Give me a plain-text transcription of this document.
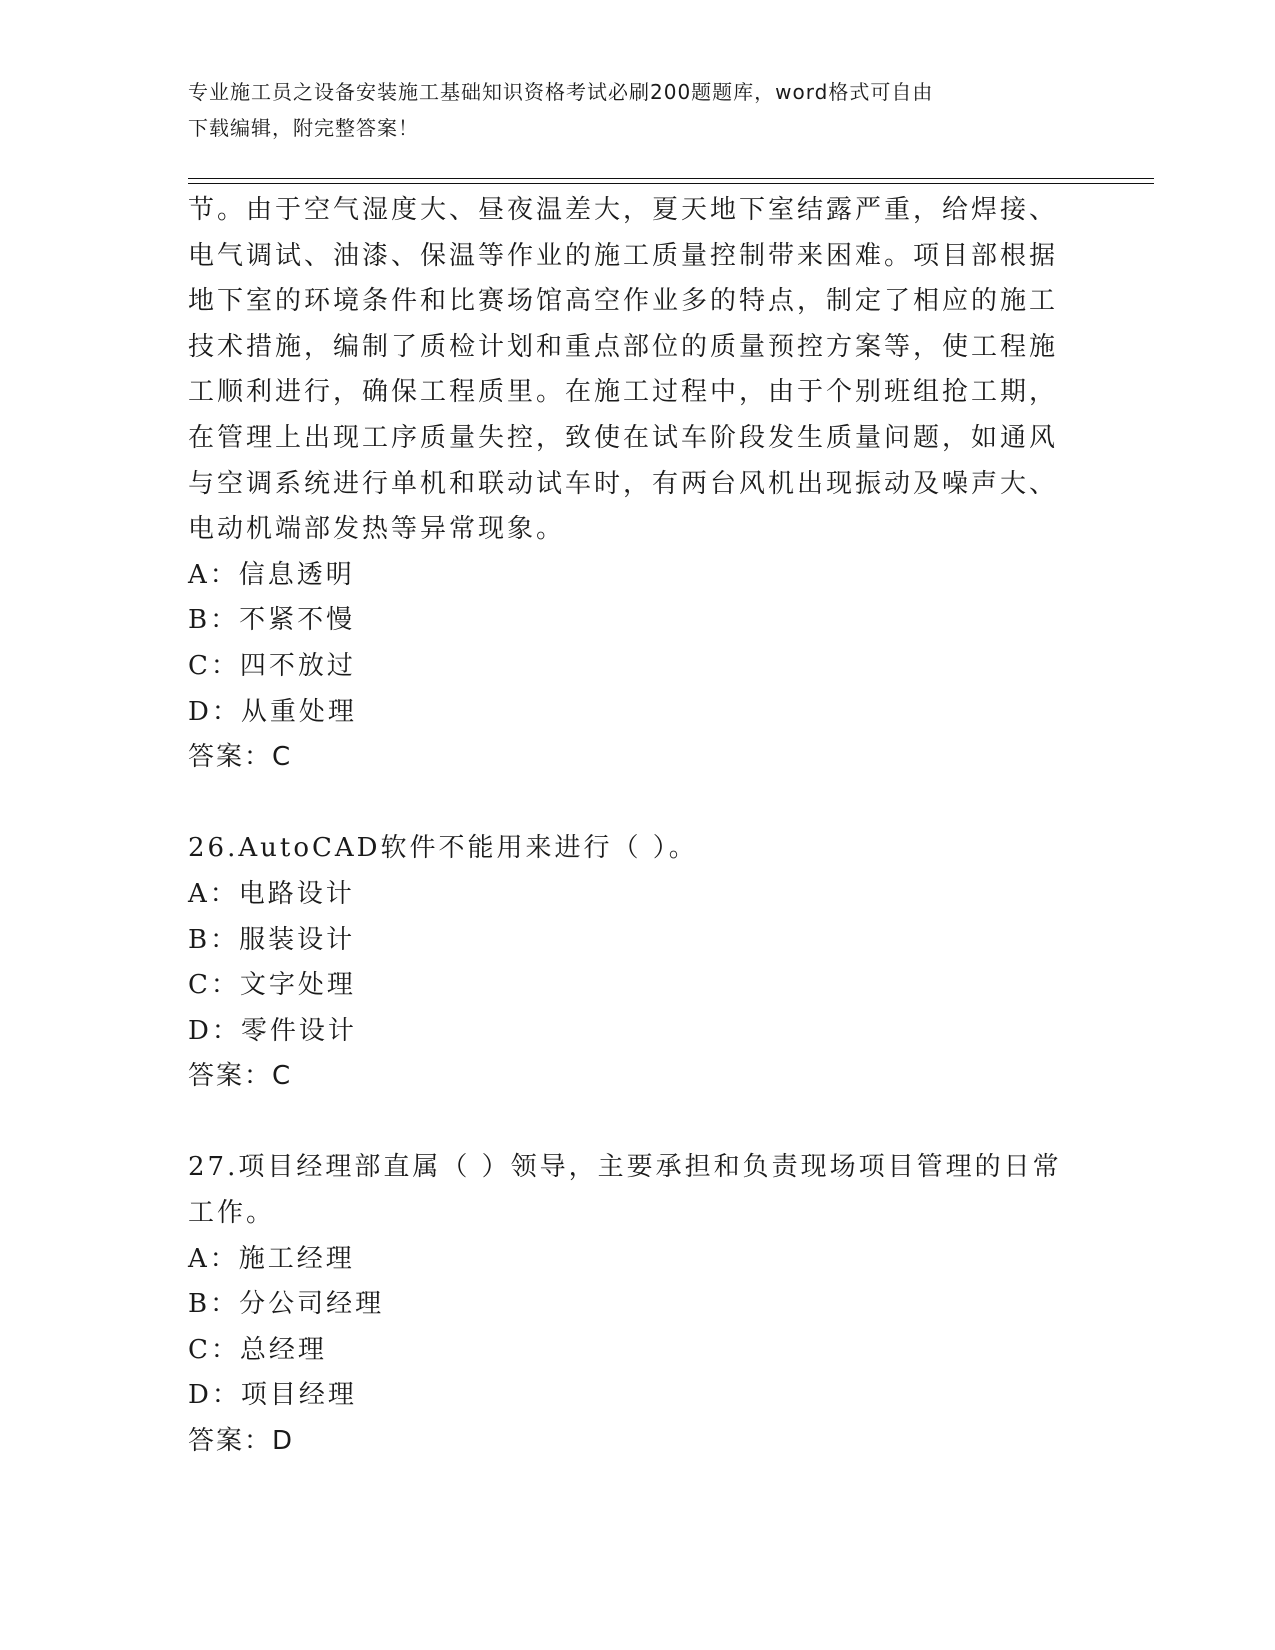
专业施工员之设备安装施工基础知识资格考试必刷200题题库，word格式可自由
下载编辑，附完整答案！
节。由于空气湿度大、昼夜温差大，夏天地下室结露严重，给焊接、
电气调试、油漆、保温等作业的施工质量控制带来困难。项目部根据
地下室的环境条件和比赛场馆高空作业多的特点，制定了相应的施工
技术措施，编制了质检计划和重点部位的质量预控方案等，使工程施
工顺利进行，确保工程质里。在施工过程中，由于个别班组抢工期，
在管理上出现工序质量失控，致使在试车阶段发生质量问题，如通风
与空调系统进行单机和联动试车时，有两台风机出现振动及噪声大、
电动机端部发热等异常现象。
A：信息透明
B：不紧不慢
C：四不放过
D：从重处理
答案：C
26.AutoCAD软件不能用来进行（ ）。
A：电路设计
B：服装设计
C：文字处理
D：零件设计
答案：C
27.项目经理部直属（ ）领导，主要承担和负责现场项目管理的日常
工作。
A：施工经理
B：分公司经理
C：总经理
D：项目经理
答案：D
